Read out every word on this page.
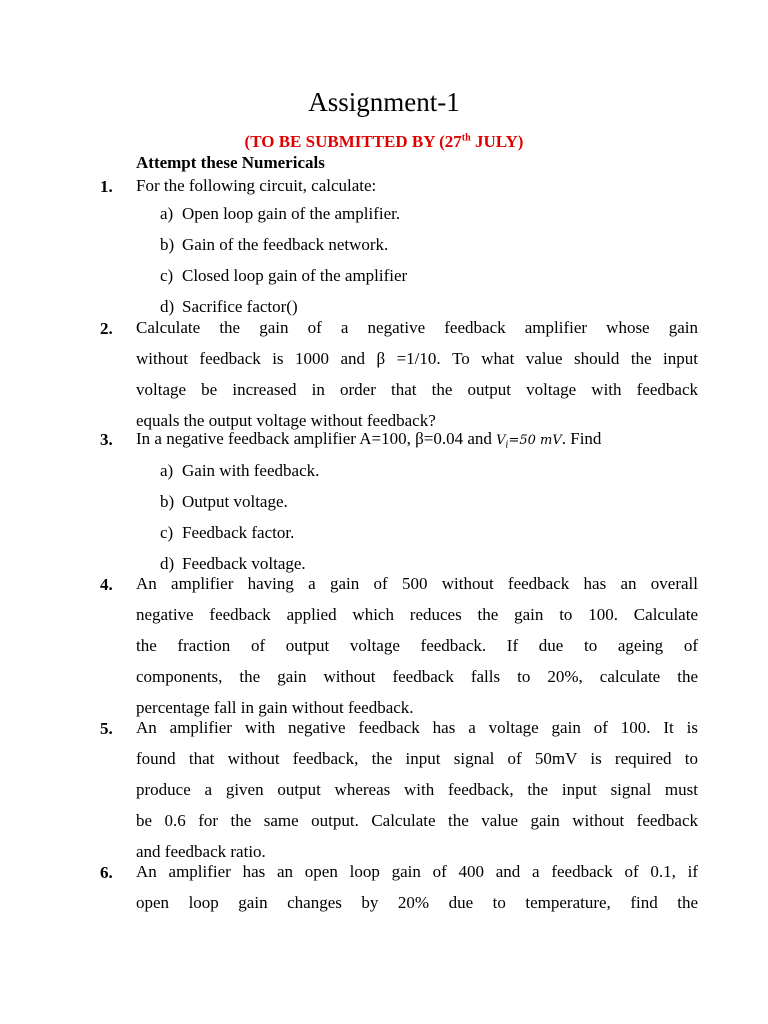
Assignment-1
(TO BE SUBMITTED BY (27th JULY)
Attempt these Numericals
1. For the following circuit, calculate:
a) Open loop gain of the amplifier.
b) Gain of the feedback network.
c) Closed loop gain of the amplifier
d) Sacrifice factor()
2. Calculate the gain of a negative feedback amplifier whose gain
without feedback is 1000 and β =1/10. To what value should the input
voltage be increased in order that the output voltage with feedback
equals the output voltage without feedback?
3. In a negative feedback amplifier A=100, β=0.04 and $V_i=50$ mV. Find
a) Gain with feedback.
b) Output voltage.
c) Feedback factor.
d) Feedback voltage.
4. An amplifier having a gain of 500 without feedback has an overall
negative feedback applied which reduces the gain to 100. Calculate
the fraction of output voltage feedback. If due to ageing of
components, the gain without feedback falls to 20%, calculate the
percentage fall in gain without feedback.
5. An amplifier with negative feedback has a voltage gain of 100. It is
found that without feedback, the input signal of 50mV is required to
produce a given output whereas with feedback, the input signal must
be 0.6 for the same output. Calculate the value gain without feedback
and feedback ratio.
6. An amplifier has an open loop gain of 400 and a feedback of 0.1, if
open loop gain changes by 20% due to temperature, find the
